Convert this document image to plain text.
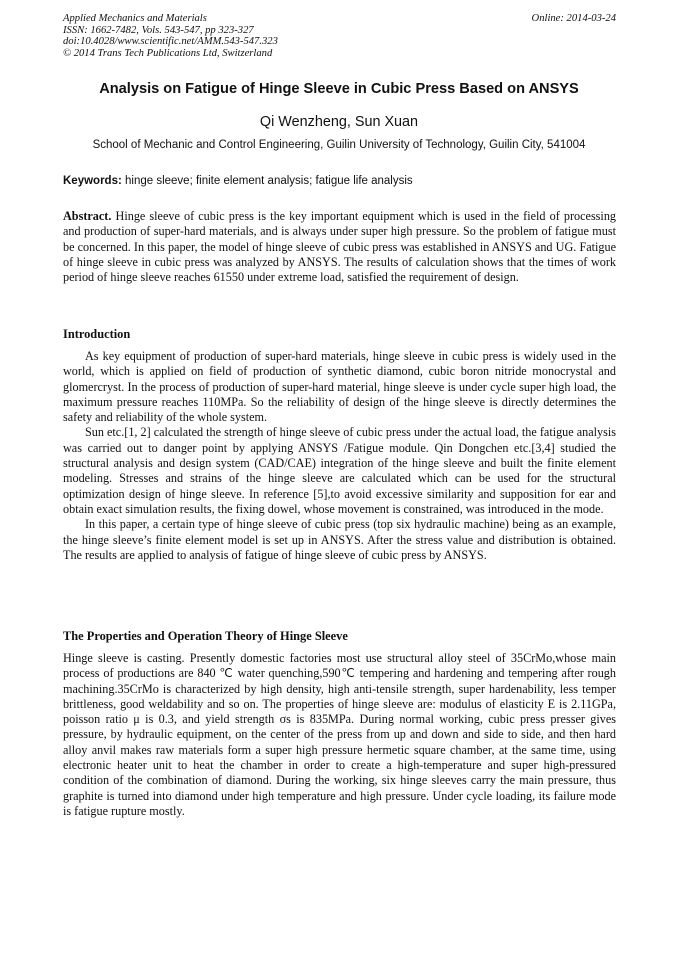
Applied Mechanics and Materials
ISSN: 1662-7482, Vols. 543-547, pp 323-327
doi:10.4028/www.scientific.net/AMM.543-547.323
© 2014 Trans Tech Publications Ltd, Switzerland
Online: 2014-03-24
Analysis on Fatigue of Hinge Sleeve in Cubic Press Based on ANSYS
Qi Wenzheng, Sun Xuan
School of Mechanic and Control Engineering, Guilin University of Technology, Guilin City, 541004
Keywords: hinge sleeve; finite element analysis; fatigue life analysis
Abstract. Hinge sleeve of cubic press is the key important equipment which is used in the field of processing and production of super-hard materials, and is always under super high pressure. So the problem of fatigue must be concerned. In this paper, the model of hinge sleeve of cubic press was established in ANSYS and UG. Fatigue of hinge sleeve in cubic press was analyzed by ANSYS. The results of calculation shows that the times of work period of hinge sleeve reaches 61550 under extreme load, satisfied the requirement of design.
Introduction

As key equipment of production of super-hard materials, hinge sleeve in cubic press is widely used in the world, which is applied on field of production of synthetic diamond, cubic boron nitride monocrystal and glomercryst. In the process of production of super-hard material, hinge sleeve is under cycle super high load, the maximum pressure reaches 110MPa. So the reliability of design of the hinge sleeve is directly determines the safety and reliability of the whole system.

Sun etc.[1, 2] calculated the strength of hinge sleeve of cubic press under the actual load, the fatigue analysis was carried out to danger point by applying ANSYS /Fatigue module. Qin Dongchen etc.[3,4] studied the structural analysis and design system (CAD/CAE) integration of the hinge sleeve and built the finite element modeling. Stresses and strains of the hinge sleeve are calculated which can be used for the structural optimization design of hinge sleeve. In reference [5],to avoid excessive similarity and supposition for ear and obtain exact simulation results, the fixing dowel, whose movement is constrained, was introduced in the mode.

In this paper, a certain type of hinge sleeve of cubic press (top six hydraulic machine) being as an example, the hinge sleeve’s finite element model is set up in ANSYS. After the stress value and distribution is obtained. The results are applied to analysis of fatigue of hinge sleeve of cubic press by ANSYS.

The Properties and Operation Theory of Hinge Sleeve

Hinge sleeve is casting. Presently domestic factories most use structural alloy steel of 35CrMo,whose main process of productions are 840 ℃ water quenching,590℃ tempering and hardening and tempering after rough machining.35CrMo is characterized by high density, high anti-tensile strength, super hardenability, less temper brittleness, good weldability and so on. The properties of hinge sleeve are: modulus of elasticity E is 2.11GPa, poisson ratio μ is 0.3, and yield strength σs is 835MPa. During normal working, cubic press presser gives pressure, by hydraulic equipment, on the center of the press from up and down and side to side, and then hard alloy anvil makes raw materials form a super high pressure hermetic square chamber, at the same time, using electronic heater unit to heat the chamber in order to create a high-temperature and super high-pressured condition of the combination of diamond. During the working, six hinge sleeves carry the main pressure, thus graphite is turned into diamond under high temperature and high pressure. Under cycle loading, its failure mode is fatigue rupture mostly.
